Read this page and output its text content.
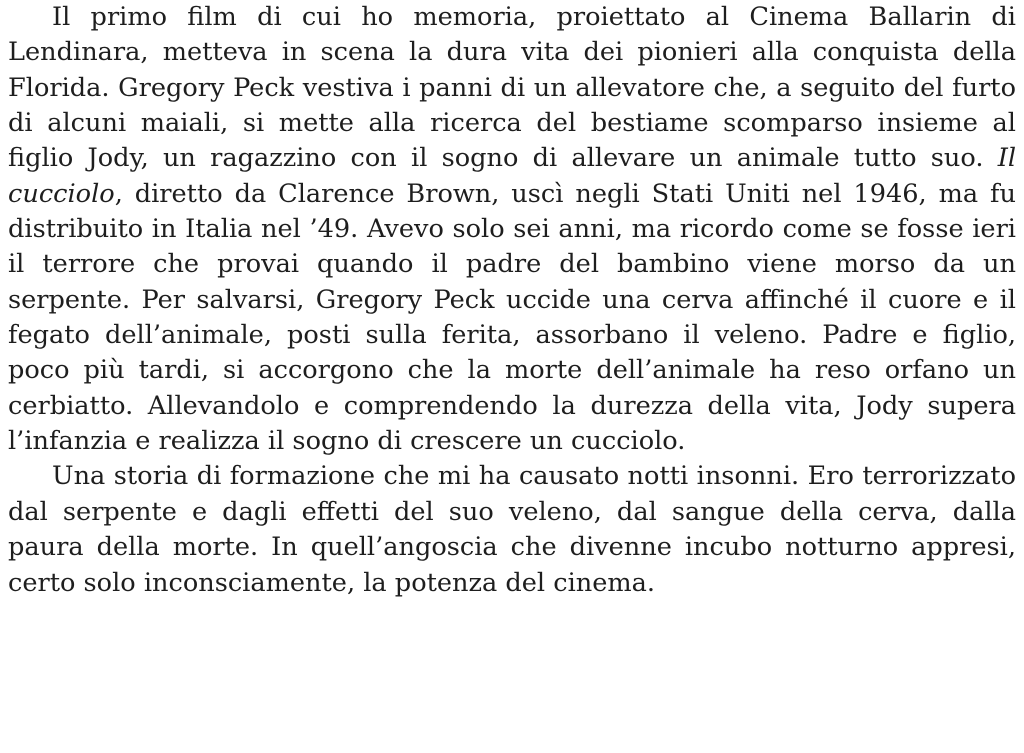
Il primo film di cui ho memoria, proiettato al Cinema Ballarin di Lendinara, metteva in scena la dura vita dei pionieri alla conquista della Florida. Gregory Peck vestiva i panni di un allevatore che, a seguito del furto di alcuni maiali, si mette alla ricerca del bestiame scomparso insieme al figlio Jody, un ragazzino con il sogno di allevare un animale tutto suo. Il cucciolo, diretto da Clarence Brown, uscì negli Stati Uniti nel 1946, ma fu distribuito in Italia nel ’49. Avevo solo sei anni, ma ricordo come se fosse ieri il terrore che provai quando il padre del bambino viene morso da un serpente. Per salvarsi, Gregory Peck uccide una cerva affinché il cuore e il fegato dell’animale, posti sulla ferita, assorbano il veleno. Padre e figlio, poco più tardi, si accorgono che la morte dell’animale ha reso orfano un cerbiatto. Allevandolo e comprendendo la durezza della vita, Jody supera l’infanzia e realizza il sogno di crescere un cucciolo.

Una storia di formazione che mi ha causato notti insonni. Ero terrorizzato dal serpente e dagli effetti del suo veleno, dal sangue della cerva, dalla paura della morte. In quell’angoscia che divenne incubo notturno appresi, certo solo inconsciamente, la potenza del cinema.
